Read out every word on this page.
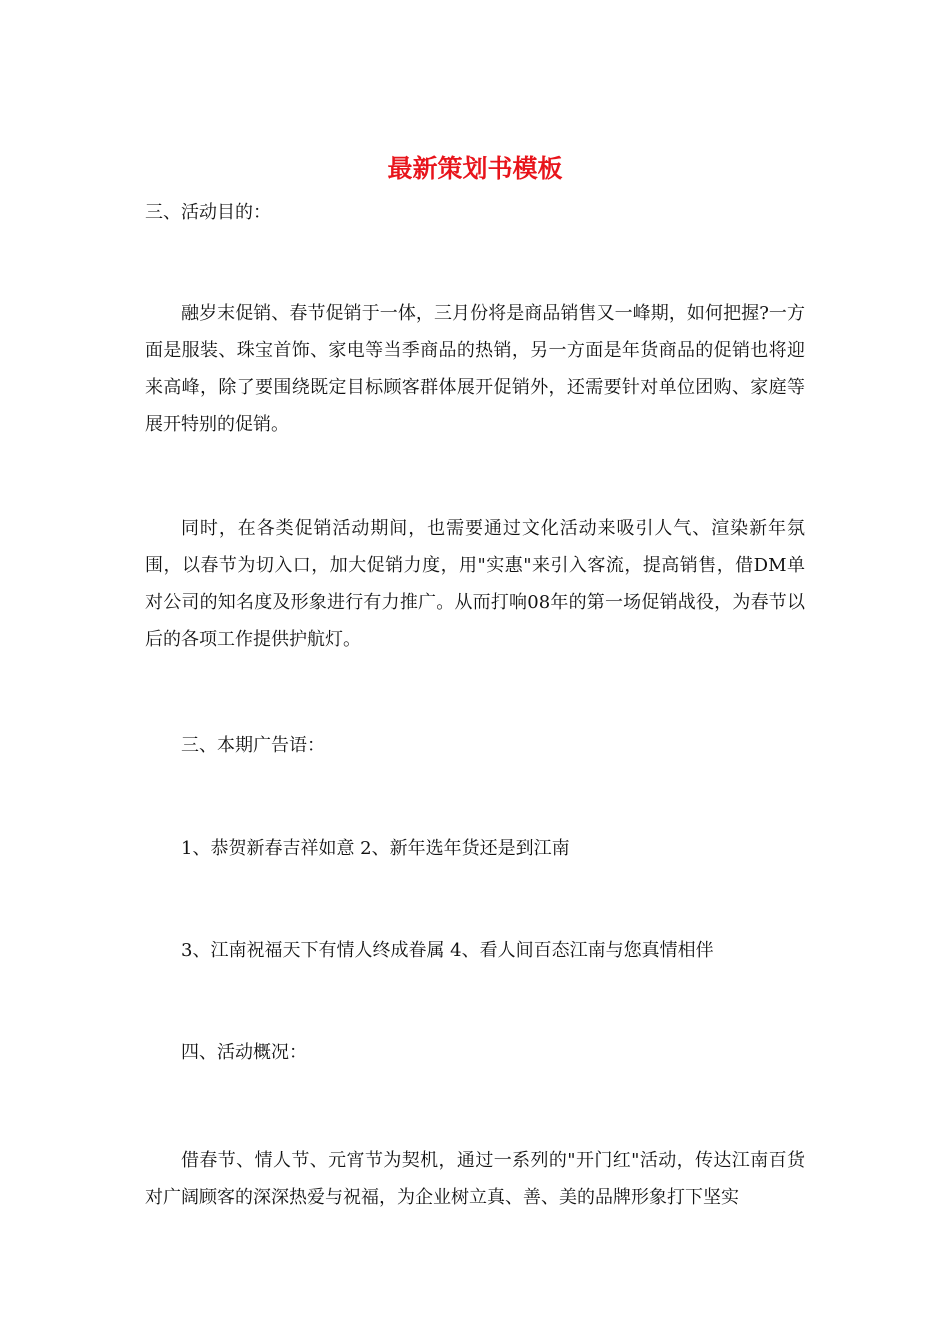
最新策划书模板

三、活动目的：

融岁末促销、春节促销于一体，三月份将是商品销售又一峰期，如何把握?一方面是服装、珠宝首饰、家电等当季商品的热销，另一方面是年货商品的促销也将迎来高峰，除了要围绕既定目标顾客群体展开促销外，还需要针对单位团购、家庭等展开特别的促销。

同时，在各类促销活动期间，也需要通过文化活动来吸引人气、渲染新年氛围，以春节为切入口，加大促销力度，用"实惠"来引入客流，提高销售，借DM单对公司的知名度及形象进行有力推广。从而打响08年的第一场促销战役，为春节以后的各项工作提供护航灯。

三、本期广告语：

1、恭贺新春吉祥如意 2、新年选年货还是到江南

3、江南祝福天下有情人终成眷属 4、看人间百态江南与您真情相伴

四、活动概况：

借春节、情人节、元宵节为契机，通过一系列的"开门红"活动，传达江南百货对广阔顾客的深深热爱与祝福，为企业树立真、善、美的品牌形象打下坚实
